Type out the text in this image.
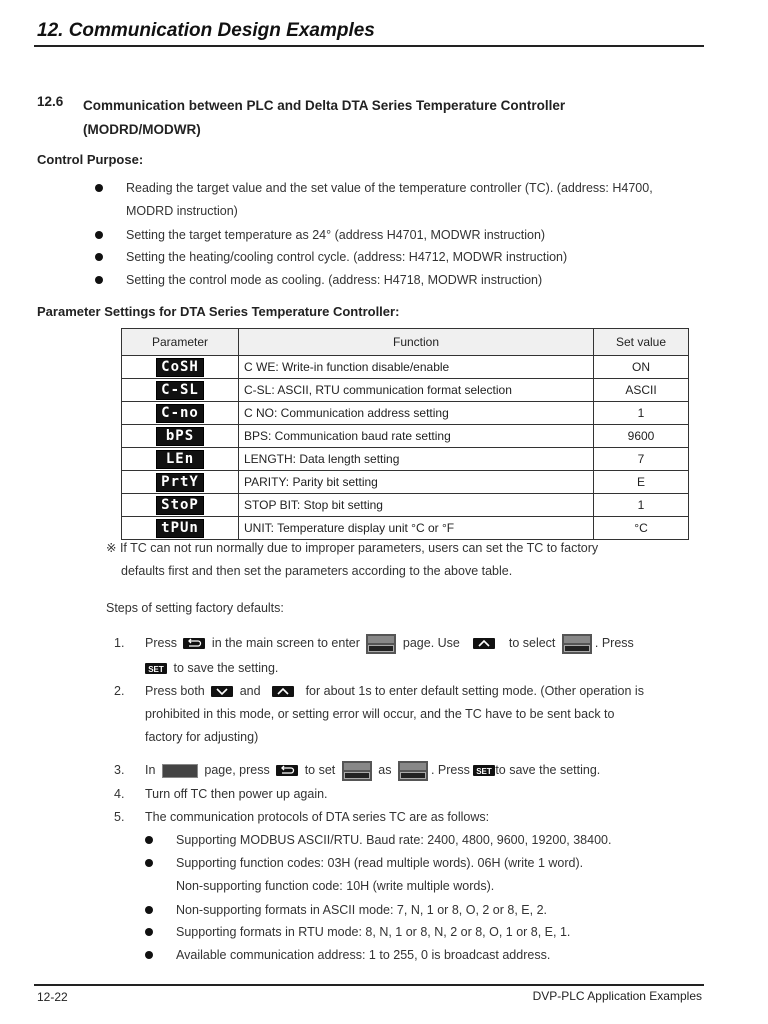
12. Communication Design Examples
12.6 Communication between PLC and Delta DTA Series Temperature Controller (MODRD/MODWR)
Control Purpose:
Reading the target value and the set value of the temperature controller (TC). (address: H4700, MODRD instruction)
Setting the target temperature as 24° (address H4701, MODWR instruction)
Setting the heating/cooling control cycle. (address: H4712, MODWR instruction)
Setting the control mode as cooling. (address: H4718, MODWR instruction)
Parameter Settings for DTA Series Temperature Controller:
Parameter	Function	Set value
CoSH	C WE: Write-in function disable/enable	ON
C-SL	C-SL: ASCII, RTU communication format selection	ASCII
C-no	C NO: Communication address setting	1
bPS	BPS: Communication baud rate setting	9600
LEn	LENGTH: Data length setting	7
PrtY	PARITY: Parity bit setting	E
StoP	STOP BIT: Stop bit setting	1
tPUn	UNIT: Temperature display unit °C or °F	°C
※ If TC can not run normally due to improper parameters, users can set the TC to factory
defaults first and then set the parameters according to the above table.
Steps of setting factory defaults:
1. Press	in the main screen to enter	page. Use	to select	. Press
SET to save the setting.
2. Press both	and	for about 1s to enter default setting mode. (Other operation is
prohibited in this mode, or setting error will occur, and the TC have to be sent back to
factory for adjusting)
3. In	page, press	to set	as	. Press SET to save the setting.
4. Turn off TC then power up again.
5. The communication protocols of DTA series TC are as follows:
Supporting MODBUS ASCII/RTU. Baud rate: 2400, 4800, 9600, 19200, 38400.
Supporting function codes: 03H (read multiple words). 06H (write 1 word).
Non-supporting function code: 10H (write multiple words).
Non-supporting formats in ASCII mode: 7, N, 1 or 8, O, 2 or 8, E, 2.
Supporting formats in RTU mode: 8, N, 1 or 8, N, 2 or 8, O, 1 or 8, E, 1.
Available communication address: 1 to 255, 0 is broadcast address.
12-22	DVP-PLC Application Examples
